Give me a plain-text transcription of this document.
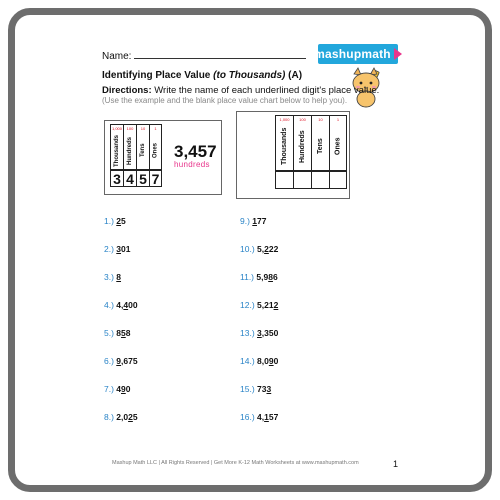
Name:	mashupmath
Identifying Place Value (to Thousands) (A)
Directions: Write the name of each underlined digit's place value.
(Use the example and the blank place value chart below to help you).
1,000
Thousands
3
100
Hundreds
4
10
Tens
5
1
Ones
7
3,457
hundreds
1,000
Thousands
100
Hundreds
10
Tens
1
Ones
1.) 25
2.) 301
3.) 8
4.) 4,400
5.) 858
6.) 9,675
7.) 490
8.) 2,025
9.) 177
10.) 5,222
11.) 5,986
12.) 5,212
13.) 3,350
14.) 8,090
15.) 733
16.) 4,157
Mashup Math LLC | All Rights Reserved | Get More K-12 Math Worksheets at www.mashupmath.com	1
